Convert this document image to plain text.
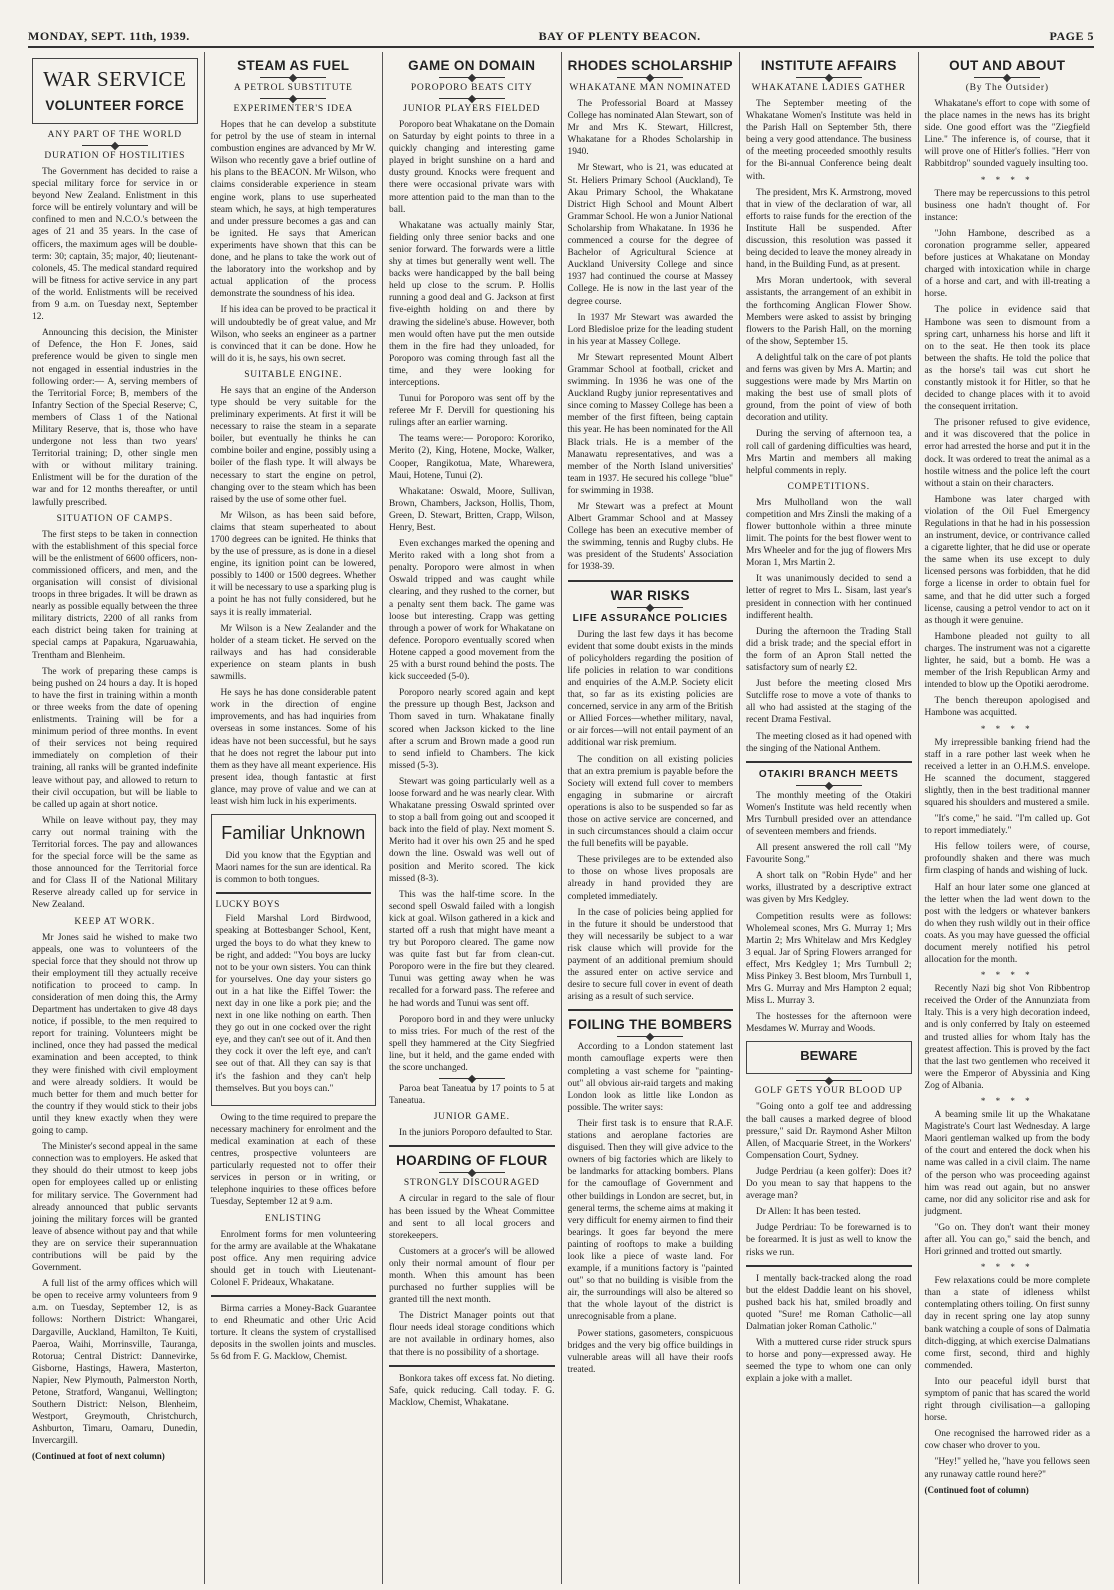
MONDAY, SEPT. 11th, 1939.	BAY OF PLENTY BEACON.	PAGE 5
WAR SERVICE
VOLUNTEER FORCE
ANY PART OF THE WORLD
DURATION OF HOSTILITIES

The Government has decided to raise a special military force for service in or beyond New Zealand. Enlistment in this force will be entirely voluntary and will be confined to men and N.C.O.'s between the ages of 21 and 35 years. In the case of officers, the maximum ages will be double-term: 30; captain, 35; major, 40; lieutenant-colonels, 45. The medical standard required will be fitness for active service in any part of the world. Enlistments will be received from 9 a.m. on Tuesday next, September 12.

Announcing this decision, the Minister of Defence, the Hon F. Jones, said preference would be given to single men not engaged in essential industries in the following order:— A, serving members of the Territorial Force; B, members of the Infantry Section of the Special Reserve; C, members of Class 1 of the National Military Reserve, that is, those who have undergone not less than two years' Territorial training; D, other single men with or without military training. Enlistment will be for the duration of the war and for 12 months thereafter, or until lawfully prescribed.

SITUATION OF CAMPS.

The first steps to be taken in connection with the establishment of this special force will be the enlistment of 6600 officers, non-commissioned officers, and men, and the organisation will consist of divisional troops in three brigades. It will be drawn as nearly as possible equally between the three military districts, 2200 of all ranks from each district being taken for training at special camps at Papakura, Ngaruawahia, Trentham and Blenheim.

The work of preparing these camps is being pushed on 24 hours a day. It is hoped to have the first in training within a month or three weeks from the date of opening enlistments. Training will be for a minimum period of three months. In event of their services not being required immediately on completion of their training, all ranks will be granted indefinite leave without pay, and allowed to return to their civil occupation, but will be liable to be called up again at short notice.

While on leave without pay, they may carry out normal training with the Territorial forces. The pay and allowances for the special force will be the same as those announced for the Territorial force and for Class II of the National Military Reserve already called up for service in New Zealand.

KEEP AT WORK.

Mr Jones said he wished to make two appeals, one was to volunteers of the special force that they should not throw up their employment till they actually receive notification to proceed to camp. In consideration of men doing this, the Army Department has undertaken to give 48 days notice, if possible, to the men required to report for training. Volunteers might be inclined, once they had passed the medical examination and been accepted, to think they were finished with civil employment and were already soldiers. It would be much better for them and much better for the country if they would stick to their jobs until they knew exactly when they were going to camp.

The Minister's second appeal in the same connection was to employers. He asked that they should do their utmost to keep jobs open for employees called up or enlisting for military service. The Government had already announced that public servants joining the military forces will be granted leave of absence without pay and that while they are on service their superannuation contributions will be paid by the Government.

A full list of the army offices which will be open to receive army volunteers from 9 a.m. on Tuesday, September 12, is as follows: Northern District: Whangarei, Dargaville, Auckland, Hamilton, Te Kuiti, Paeroa, Waihi, Morrinsville, Tauranga, Rotorua; Central District: Dannevirke, Gisborne, Hastings, Hawera, Masterton, Napier, New Plymouth, Palmerston North, Petone, Stratford, Wanganui, Wellington; Southern District: Nelson, Blenheim, Westport, Greymouth, Christchurch, Ashburton, Timaru, Oamaru, Dunedin, Invercargill.

(Continued at foot of next column)
STEAM AS FUEL
A PETROL SUBSTITUTE
EXPERIMENTER'S IDEA

Hopes that he can develop a substitute for petrol by the use of steam in internal combustion engines are advanced by Mr W. Wilson who recently gave a brief outline of his plans to the BEACON. Mr Wilson, who claims considerable experience in steam engine work, plans to use superheated steam which, he says, at high temperatures and under pressure becomes a gas and can be ignited. He says that American experiments have shown that this can be done, and he plans to take the work out of the laboratory into the workshop and by actual application of the process demonstrate the soundness of his idea.

If his idea can be proved to be practical it will undoubtedly be of great value, and Mr Wilson, who seeks an engineer as a partner is convinced that it can be done. How he will do it is, he says, his own secret.

SUITABLE ENGINE.

He says that an engine of the Anderson type should be very suitable for the preliminary experiments. At first it will be necessary to raise the steam in a separate boiler, but eventually he thinks he can combine boiler and engine, possibly using a boiler of the flash type. It will always be necessary to start the engine on petrol, changing over to the steam which has been raised by the use of some other fuel.

Mr Wilson, as has been said before, claims that steam superheated to about 1700 degrees can be ignited. He thinks that by the use of pressure, as is done in a diesel engine, its ignition point can be lowered, possibly to 1400 or 1500 degrees. Whether it will be necessary to use a sparking plug is a point he has not fully considered, but he says it is really immaterial.

Mr Wilson is a New Zealander and the holder of a steam ticket. He served on the railways and has had considerable experience on steam plants in bush sawmills.

He says he has done considerable patent work in the direction of engine improvements, and has had inquiries from overseas in some instances. Some of his ideas have not been successful, but he says that he does not regret the labour put into them as they have all meant experience. His present idea, though fantastic at first glance, may prove of value and we can at least wish him luck in his experiments.

Familiar Unknown

Did you know that the Egyptian and Maori names for the sun are identical. Ra is common to both tongues.

LUCKY BOYS

Field Marshal Lord Birdwood, speaking at Bottesbanger School, Kent, urged the boys to do what they knew to be right, and added: "You boys are lucky not to be your own sisters. You can think for yourselves. One day your sisters go out in a hat like the Eiffel Tower: the next day in one like a pork pie; and the next in one like nothing on earth. Then they go out in one cocked over the right eye, and they can't see out of it. And then they cock it over the left eye, and can't see out of that. All they can say is that it's the fashion and they can't help themselves. But you boys can."

Owing to the time required to prepare the necessary machinery for enrolment and the medical examination at each of these centres, prospective volunteers are particularly requested not to offer their services in person or in writing, or telephone inquiries to these offices before Tuesday, September 12 at 9 a.m.

ENLISTING

Enrolment forms for men volunteering for the army are available at the Whakatane post office. Any men requiring advice should get in touch with Lieutenant-Colonel F. Prideaux, Whakatane.

Birma carries a Money-Back Guarantee to end Rheumatic and other Uric Acid torture. It cleans the system of crystallised deposits in the swollen joints and muscles. 5s 6d from F. G. Macklow, Chemist.

GAME ON DOMAIN
POROPORO BEATS CITY
JUNIOR PLAYERS FIELDED

Poroporo beat Whakatane on the Domain on Saturday by eight points to three in a quickly changing and interesting game played in bright sunshine on a hard and dusty ground. Knocks were frequent and there were occasional private wars with more attention paid to the man than to the ball.

Whakatane was actually mainly Star, fielding only three senior backs and one senior forward. The forwards were a little shy at times but generally went well. The backs were handicapped by the ball being held up close to the scrum. P. Hollis running a good deal and G. Jackson at first five-eighth holding on and there by drawing the sideline's abuse. However, both men would often have put the men outside them in the fire had they unloaded, for Poroporo was coming through fast all the time, and they were looking for interceptions.

Tunui for Poroporo was sent off by the referee Mr F. Dervill for questioning his rulings after an earlier warning.

The teams were:— Poroporo: Kororiko, Merito (2), King, Hotene, Mocke, Walker, Cooper, Rangikotua, Mate, Wharewera, Maui, Hotene, Tunui (2).

Whakatane: Oswald, Moore, Sullivan, Brown, Chambers, Jackson, Hollis, Thom, Green, D. Stewart, Britten, Crapp, Wilson, Henry, Best.

Even exchanges marked the opening and Merito raked with a long shot from a penalty. Poroporo were almost in when Oswald tripped and was caught while clearing, and they rushed to the corner, but a penalty sent them back. The game was loose but interesting. Crapp was getting through a power of work for Whakatane on defence. Poroporo eventually scored when Hotene capped a good movement from the 25 with a burst round behind the posts. The kick succeeded (5-0).

Poroporo nearly scored again and kept the pressure up though Best, Jackson and Thom saved in turn. Whakatane finally scored when Jackson kicked to the line after a scrum and Brown made a good run to send infield to Chambers. The kick missed (5-3).

Stewart was going particularly well as a loose forward and he was nearly clear. With Whakatane pressing Oswald sprinted over to stop a ball from going out and scooped it back into the field of play. Next moment S. Merito had it over his own 25 and he sped down the line. Oswald was well out of position and Merito scored. The kick missed (8-3).

This was the half-time score. In the second spell Oswald failed with a longish kick at goal. Wilson gathered in a kick and started off a rush that might have meant a try but Poroporo cleared. The game now was quite fast but far from clean-cut. Poroporo were in the fire but they cleared. Tunui was getting away when he was recalled for a forward pass. The referee and he had words and Tunui was sent off.

Poroporo bord in and they were unlucky to miss tries. For much of the rest of the spell they hammered at the City Siegfried line, but it held, and the game ended with the score unchanged.

Paroa beat Taneatua by 17 points to 5 at Taneatua.

JUNIOR GAME.

In the juniors Poroporo defaulted to Star.

HOARDING OF FLOUR
STRONGLY DISCOURAGED

A circular in regard to the sale of flour has been issued by the Wheat Committee and sent to all local grocers and storekeepers.

Customers at a grocer's will be allowed only their normal amount of flour per month. When this amount has been purchased no further supplies will be granted till the next month.

The District Manager points out that flour needs ideal storage conditions which are not available in ordinary homes, also that there is no possibility of a shortage.

Bonkora takes off excess fat. No dieting. Safe, quick reducing. Call today. F. G. Macklow, Chemist, Whakatane.

RHODES SCHOLARSHIP
WHAKATANE MAN NOMINATED

The Professorial Board at Massey College has nominated Alan Stewart, son of Mr and Mrs K. Stewart, Hillcrest, Whakatane for a Rhodes Scholarship in 1940.

Mr Stewart, who is 21, was educated at St. Heliers Primary School (Auckland), Te Akau Primary School, the Whakatane District High School and Mount Albert Grammar School. He won a Junior National Scholarship from Whakatane. In 1936 he commenced a course for the degree of Bachelor of Agricultural Science at Auckland University College and since 1937 had continued the course at Massey College. He is now in the last year of the degree course.

In 1937 Mr Stewart was awarded the Lord Bledisloe prize for the leading student in his year at Massey College.

Mr Stewart represented Mount Albert Grammar School at football, cricket and swimming. In 1936 he was one of the Auckland Rugby junior representatives and since coming to Massey College has been a member of the first fifteen, being captain this year. He has been nominated for the All Black trials. He is a member of the Manawatu representatives, and was a member of the North Island universities' team in 1937. He secured his college "blue" for swimming in 1938.

Mr Stewart was a prefect at Mount Albert Grammar School and at Massey College has been an executive member of the swimming, tennis and Rugby clubs. He was president of the Students' Association for 1938-39.

WAR RISKS
LIFE ASSURANCE POLICIES

During the last few days it has become evident that some doubt exists in the minds of policyholders regarding the position of life policies in relation to war conditions and enquiries of the A.M.P. Society elicit that, so far as its existing policies are concerned, service in any arm of the British or Allied Forces—whether military, naval, or air forces—will not entail payment of an additional war risk premium.

The condition on all existing policies that an extra premium is payable before the Society will extend full cover to members engaging in submarine or aircraft operations is also to be suspended so far as those on active service are concerned, and in such circumstances should a claim occur the full benefits will be payable.

These privileges are to be extended also to those on whose lives proposals are already in hand provided they are completed immediately.

In the case of policies being applied for in the future it should be understood that they will necessarily be subject to a war risk clause which will provide for the payment of an additional premium should the assured enter on active service and desire to secure full cover in event of death arising as a result of such service.

FOILING THE BOMBERS

According to a London statement last month camouflage experts were then completing a vast scheme for "painting-out" all obvious air-raid targets and making London look as little like London as possible. The writer says:

Their first task is to ensure that R.A.F. stations and aeroplane factories are disguised. Then they will give advice to the owners of big factories which are likely to be landmarks for attacking bombers. Plans for the camouflage of Government and other buildings in London are secret, but, in general terms, the scheme aims at making it very difficult for enemy airmen to find their bearings. It goes far beyond the mere painting of rooftops to make a building look like a piece of waste land. For example, if a munitions factory is "painted out" so that no building is visible from the air, the surroundings will also be altered so that the whole layout of the district is unrecognisable from a plane.

Power stations, gasometers, conspicuous bridges and the very big office buildings in vulnerable areas will all have their roofs treated.

INSTITUTE AFFAIRS
WHAKATANE LADIES GATHER

The September meeting of the Whakatane Women's Institute was held in the Parish Hall on September 5th, there being a very good attendance. The business of the meeting proceeded smoothly results for the Bi-annual Conference being dealt with.

The president, Mrs K. Armstrong, moved that in view of the declaration of war, all efforts to raise funds for the erection of the Institute Hall be suspended. After discussion, this resolution was passed it being decided to leave the money already in hand, in the Building Fund, as at present.

Mrs Moran undertook, with several assistants, the arrangement of an exhibit in the forthcoming Anglican Flower Show. Members were asked to assist by bringing flowers to the Parish Hall, on the morning of the show, September 15.

A delightful talk on the care of pot plants and ferns was given by Mrs A. Martin; and suggestions were made by Mrs Martin on making the best use of small plots of ground, from the point of view of both decoration and utility.

During the serving of afternoon tea, a roll call of gardening difficulties was heard, Mrs Martin and members all making helpful comments in reply.

COMPETITIONS.

Mrs Mulholland won the wall competition and Mrs Zinsli the making of a flower buttonhole within a three minute limit. The points for the best flower went to Mrs Wheeler and for the jug of flowers Mrs Moran 1, Mrs Martin 2.

It was unanimously decided to send a letter of regret to Mrs L. Sisam, last year's president in connection with her continued indifferent health.

During the afternoon the Trading Stall did a brisk trade; and the special effort in the form of an Apron Stall netted the satisfactory sum of nearly £2.

Just before the meeting closed Mrs Sutcliffe rose to move a vote of thanks to all who had assisted at the staging of the recent Drama Festival.

The meeting closed as it had opened with the singing of the National Anthem.

OTAKIRI BRANCH MEETS

The monthly meeting of the Otakiri Women's Institute was held recently when Mrs Turnbull presided over an attendance of seventeen members and friends.

All present answered the roll call "My Favourite Song."

A short talk on "Robin Hyde" and her works, illustrated by a descriptive extract was given by Mrs Kedgley.

Competition results were as follows: Wholemeal scones, Mrs G. Murray 1; Mrs Martin 2; Mrs Whitelaw and Mrs Kedgley 3 equal. Jar of Spring Flowers arranged for effect, Mrs Kedgley 1; Mrs Turnbull 2; Miss Pinkey 3. Best bloom, Mrs Turnbull 1, Mrs G. Murray and Mrs Hampton 2 equal; Miss L. Murray 3.

The hostesses for the afternoon were Mesdames W. Murray and Woods.

BEWARE
GOLF GETS YOUR BLOOD UP

"Going onto a golf tee and addressing the ball causes a marked degree of blood pressure," said Dr. Raymond Asher Milton Allen, of Macquarie Street, in the Workers' Compensation Court, Sydney.

Judge Perdriau (a keen golfer): Does it? Do you mean to say that happens to the average man?

Dr Allen: It has been tested.

Judge Perdriau: To be forewarned is to be forearmed. It is just as well to know the risks we run.

I mentally back-tracked along the road but the eldest Daddie leant on his shovel, pushed back his hat, smiled broadly and quoted "Sure! me Roman Catholic—all Dalmatian joker Roman Catholic."

With a muttered curse rider struck spurs to horse and pony—expressed away. He seemed the type to whom one can only explain a joke with a mallet.

OUT AND ABOUT
(By The Outsider)

Whakatane's effort to cope with some of the place names in the news has its bright side. One good effort was the "Ziegfield Line." The inference is, of course, that it will prove one of Hitler's follies. "Herr von Rabbitdrop" sounded vaguely insulting too.

* * * *

There may be repercussions to this petrol business one hadn't thought of. For instance:

"John Hambone, described as a coronation programme seller, appeared before justices at Whakatane on Monday charged with intoxication while in charge of a horse and cart, and with ill-treating a horse.

The police in evidence said that Hambone was seen to dismount from a spring cart, unharness his horse and lift it on to the seat. He then took its place between the shafts. He told the police that as the horse's tail was cut short he constantly mistook it for Hitler, so that he decided to change places with it to avoid the consequent irritation.

The prisoner refused to give evidence, and it was discovered that the police in error had arrested the horse and put it in the dock. It was ordered to treat the animal as a hostile witness and the police left the court without a stain on their characters.

Hambone was later charged with violation of the Oil Fuel Emergency Regulations in that he had in his possession an instrument, device, or contrivance called a cigarette lighter, that he did use or operate the same when its use except to duly licensed persons was forbidden, that he did forge a license in order to obtain fuel for same, and that he did utter such a forged license, causing a petrol vendor to act on it as though it were genuine.

Hambone pleaded not guilty to all charges. The instrument was not a cigarette lighter, he said, but a bomb. He was a member of the Irish Republican Army and intended to blow up the Opotiki aerodrome.

The bench thereupon apologised and Hambone was acquitted.

* * * *

My irrepressible banking friend had the staff in a rare pother last week when he received a letter in an O.H.M.S. envelope. He scanned the document, staggered slightly, then in the best traditional manner squared his shoulders and mustered a smile.

"It's come," he said. "I'm called up. Got to report immediately."

His fellow toilers were, of course, profoundly shaken and there was much firm clasping of hands and wishing of luck.

Half an hour later some one glanced at the letter when the lad went down to the post with the ledgers or whatever bankers do when they rush wildly out in their office coats. As you may have guessed the official document merely notified his petrol allocation for the month.

* * * *

Recently Nazi big shot Von Ribbentrop received the Order of the Annunziata from Italy. This is a very high decoration indeed, and is only conferred by Italy on esteemed and trusted allies for whom Italy has the greatest affection. This is proved by the fact that the last two gentlemen who received it were the Emperor of Abyssinia and King Zog of Albania.

* * * *

A beaming smile lit up the Whakatane Magistrate's Court last Wednesday. A large Maori gentleman walked up from the body of the court and entered the dock when his name was called in a civil claim. The name of the person who was proceeding against him was read out again, but no answer came, nor did any solicitor rise and ask for judgment.

"Go on. They don't want their money after all. You can go," said the bench, and Hori grinned and trotted out smartly.

* * * *

Few relaxations could be more complete than a state of idleness whilst contemplating others toiling. On first sunny day in recent spring one lay atop sunny bank watching a couple of sons of Dalmatia ditch-digging, at which exercise Dalmatians come first, second, third and highly commended.

Into our peaceful idyll burst that symptom of panic that has scared the world right through civilisation—a galloping horse.

One recognised the harrowed rider as a cow chaser who drover to you.

"Hey!" yelled he, "have you fellows seen any runaway cattle round here?"

(Continued foot of column)
